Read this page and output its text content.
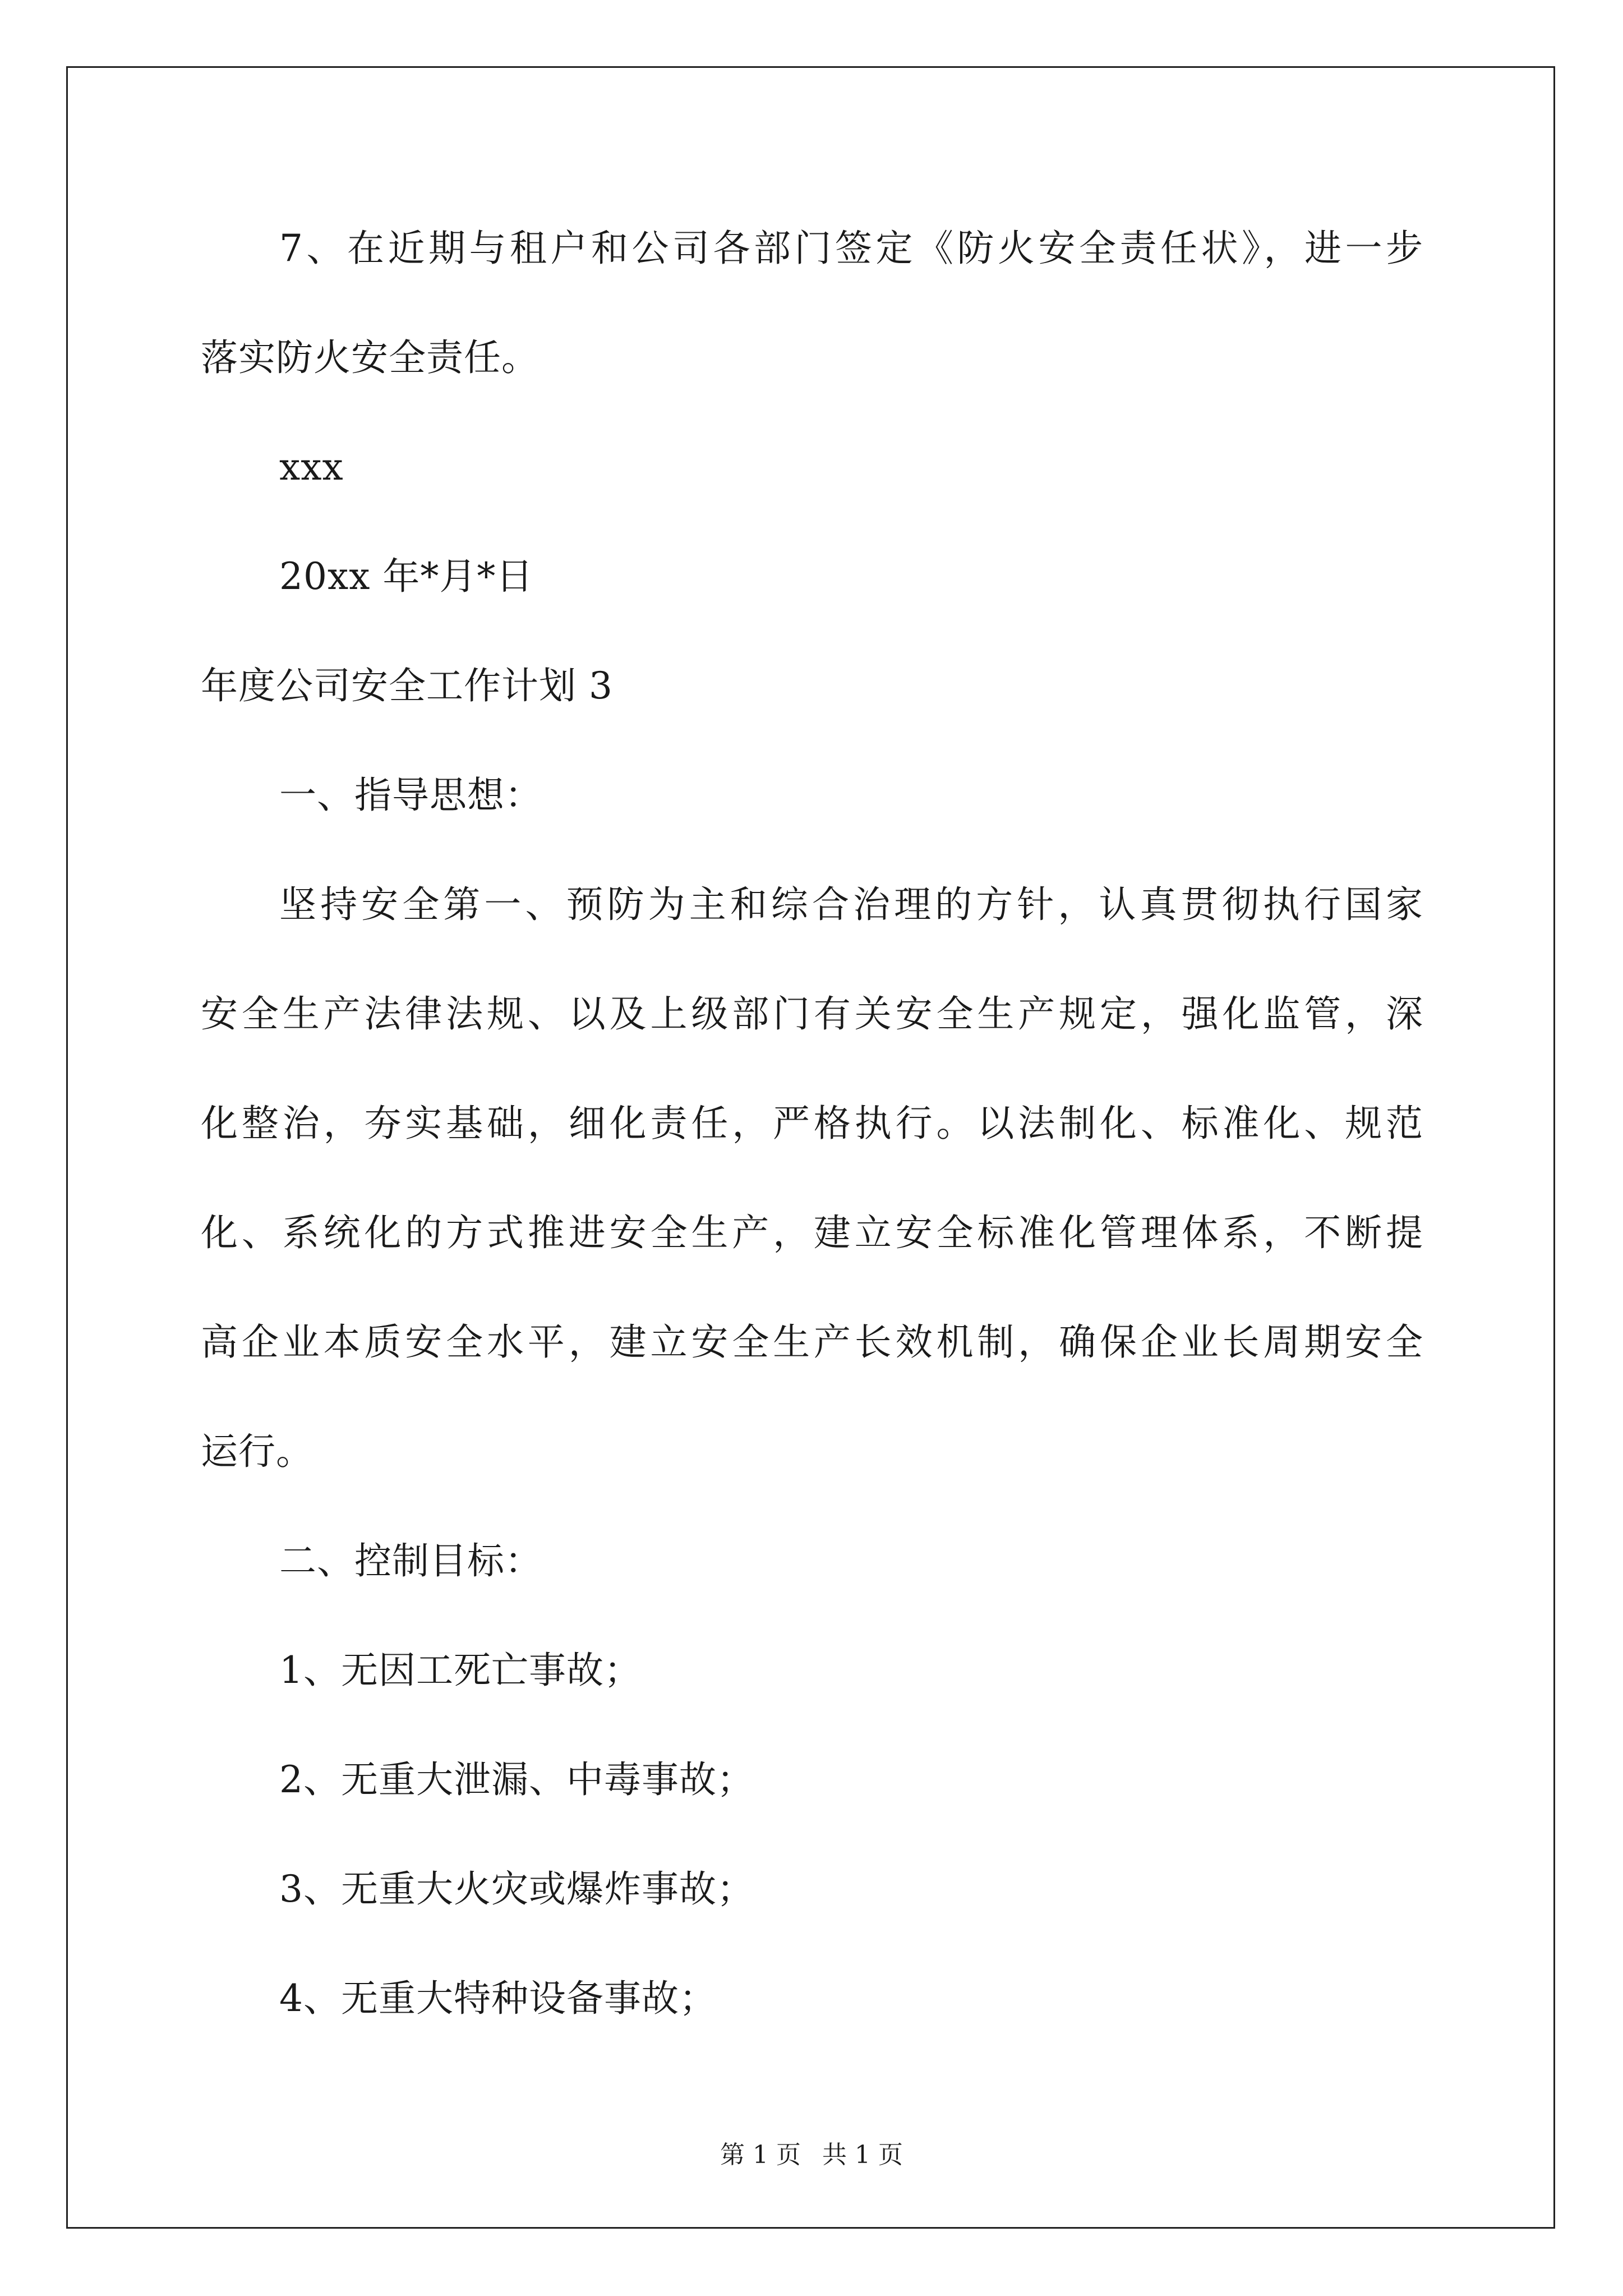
7、在近期与租户和公司各部门签定《防火安全责任状》，进一步
落实防火安全责任。
xxx
20xx 年*月*日
年度公司安全工作计划 3
一、指导思想：
坚持安全第一、预防为主和综合治理的方针，认真贯彻执行国家
安全生产法律法规、以及上级部门有关安全生产规定，强化监管，深
化整治，夯实基础，细化责任，严格执行。以法制化、标准化、规范
化、系统化的方式推进安全生产，建立安全标准化管理体系，不断提
高企业本质安全水平，建立安全生产长效机制，确保企业长周期安全
运行。
二、控制目标：
1、无因工死亡事故；
2、无重大泄漏、中毒事故；
3、无重大火灾或爆炸事故；
4、无重大特种设备事故；
第 1 页 共 1 页
